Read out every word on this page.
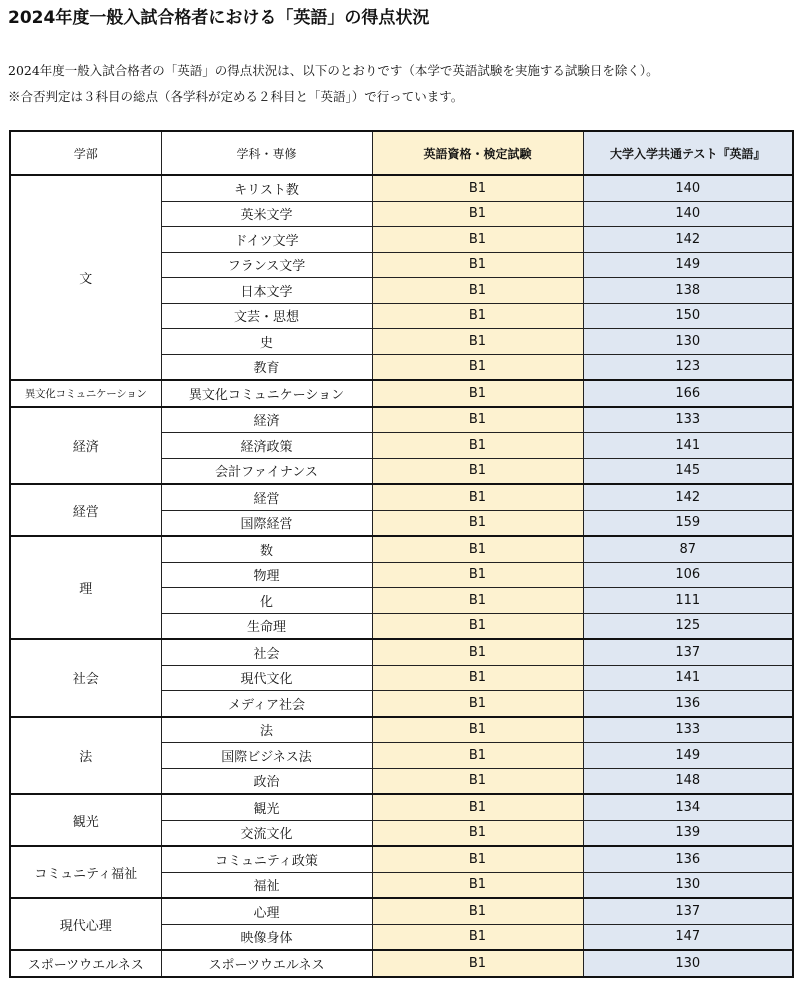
2024年度一般入試合格者における「英語」の得点状況
2024年度一般入試合格者の「英語」の得点状況は、以下のとおりです（本学で英語試験を実施する試験日を除く）。
※合否判定は３科目の総点（各学科が定める２科目と「英語」）で行っています。
学部	学科・専修	英語資格・検定試験	大学入学共通テスト『英語』
文	キリスト教	B1	140
	英米文学	B1	140
	ドイツ文学	B1	142
	フランス文学	B1	149
	日本文学	B1	138
	文芸・思想	B1	150
	史	B1	130
	教育	B1	123
異文化コミュニケーション	異文化コミュニケーション	B1	166
経済	経済	B1	133
	経済政策	B1	141
	会計ファイナンス	B1	145
経営	経営	B1	142
	国際経営	B1	159
理	数	B1	87
	物理	B1	106
	化	B1	111
	生命理	B1	125
社会	社会	B1	137
	現代文化	B1	141
	メディア社会	B1	136
法	法	B1	133
	国際ビジネス法	B1	149
	政治	B1	148
観光	観光	B1	134
	交流文化	B1	139
コミュニティ福祉	コミュニティ政策	B1	136
	福祉	B1	130
現代心理	心理	B1	137
	映像身体	B1	147
スポーツウエルネス	スポーツウエルネス	B1	130
